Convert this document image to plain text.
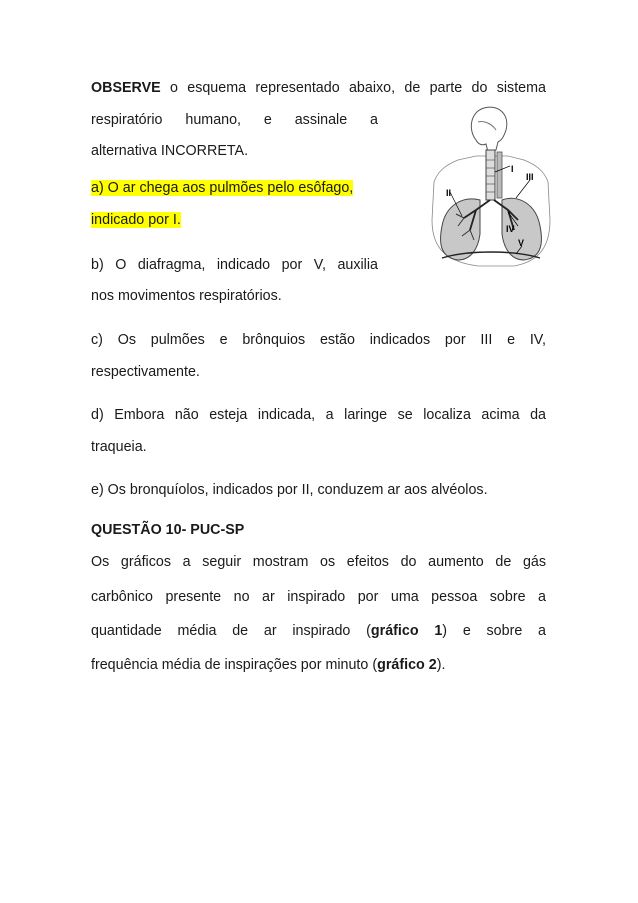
OBSERVE o esquema representado abaixo, de parte do sistema
respiratório humano, e assinale a
alternativa INCORRETA.
a) O ar chega aos pulmões pelo esôfago,
indicado por I.
b) O diafragma, indicado por V, auxilia
nos movimentos respiratórios.
c) Os pulmões e brônquios estão indicados por III e IV,
respectivamente.
d) Embora não esteja indicada, a laringe se localiza acima da
traqueia.
e) Os bronquíolos, indicados por II, conduzem ar aos alvéolos.
QUESTÃO 10- PUC-SP
Os gráficos a seguir mostram os efeitos do aumento de gás
carbônico presente no ar inspirado por uma pessoa sobre a
quantidade média de ar inspirado (gráfico 1) e sobre a
frequência média de inspirações por minuto (gráfico 2).
I
II
III
IV
V
